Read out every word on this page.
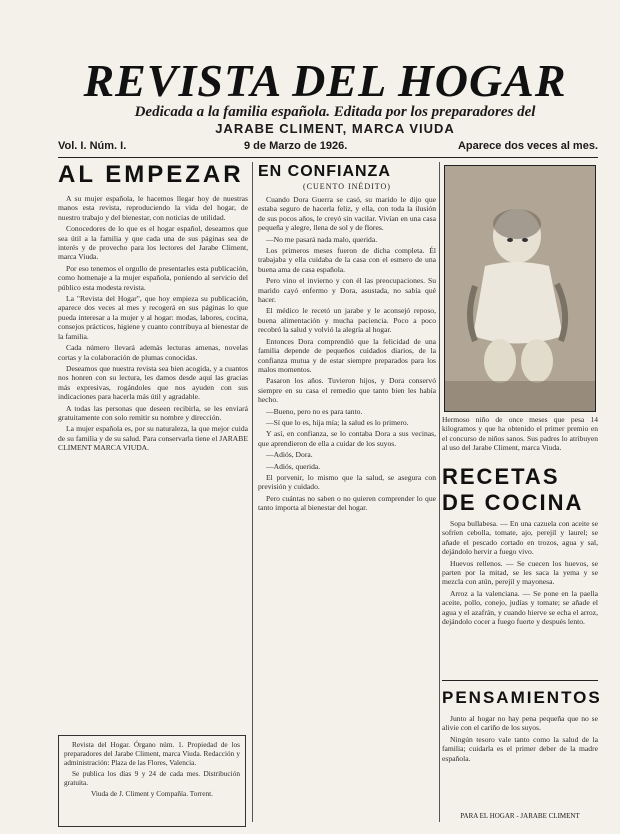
REVISTA DEL HOGAR
Dedicada a la familia española. Editada por los preparadores del
JARABE CLIMENT, MARCA VIUDA
Vol. I. Núm. I.	9 de Marzo de 1926.	Aparece dos veces al mes.
AL EMPEZAR

A su mujer española, le hacemos llegar hoy de nuestras manos esta revista, reproduciendo la vida del hogar, de nuestro trabajo y del bienestar, con noticias de utilidad.

Conocedores de lo que es el hogar español, deseamos que sea útil a la familia y que cada una de sus páginas sea de interés y de provecho para los lectores del Jarabe Climent, marca Viuda.

Por eso tenemos el orgullo de presentarles esta publicación, como homenaje a la mujer española, poniendo al servicio del público esta modesta revista.

La "Revista del Hogar", que hoy empieza su publicación, aparece dos veces al mes y recogerá en sus páginas lo que pueda interesar a la mujer y al hogar: modas, labores, cocina, consejos prácticos, higiene y cuanto contribuya al bienestar de la familia.

Cada número llevará además lecturas amenas, novelas cortas y la colaboración de plumas conocidas.

Deseamos que nuestra revista sea bien acogida, y a cuantos nos honren con su lectura, les damos desde aquí las gracias más expresivas, rogándoles que nos ayuden con sus indicaciones para hacerla más útil y agradable.

A todas las personas que deseen recibirla, se les enviará gratuitamente con solo remitir su nombre y dirección.

La mujer española es, por su naturaleza, la que mejor cuida de su familia y de su salud. Para conservarla tiene el JARABE CLIMENT MARCA VIUDA.

Revista del Hogar. Órgano núm. 1. Propiedad de los preparadores del Jarabe Climent, marca Viuda. Redacción y administración: Plaza de las Flores, Valencia.

Se publica los días 9 y 24 de cada mes. Distribución gratuita.

Viuda de J. Climent y Compañía. Torrent.

EN CONFIANZA
(CUENTO INÉDITO)

Cuando Dora Guerra se casó, su marido le dijo que estaba seguro de hacerla feliz, y ella, con toda la ilusión de sus pocos años, le creyó sin vacilar. Vivían en una casa pequeña y alegre, llena de sol y de flores.

—No me pasará nada malo, querida.

Los primeros meses fueron de dicha completa. Él trabajaba y ella cuidaba de la casa con el esmero de una buena ama de casa española.

Pero vino el invierno y con él las preocupaciones. Su marido cayó enfermo y Dora, asustada, no sabía qué hacer.

El médico le recetó un jarabe y le aconsejó reposo, buena alimentación y mucha paciencia. Poco a poco recobró la salud y volvió la alegría al hogar.

Entonces Dora comprendió que la felicidad de una familia depende de pequeños cuidados diarios, de la confianza mutua y de estar siempre preparados para los malos momentos.

Pasaron los años. Tuvieron hijos, y Dora conservó siempre en su casa el remedio que tanto bien les había hecho.

—Bueno, pero no es para tanto.

—Sí que lo es, hija mía; la salud es lo primero.

Y así, en confianza, se lo contaba Dora a sus vecinas, que aprendieron de ella a cuidar de los suyos.

—Adiós, Dora.

—Adiós, querida.

El porvenir, lo mismo que la salud, se asegura con previsión y cuidado.

Pero cuántas no saben o no quieren comprender lo que tanto importa al bienestar del hogar.

Hermoso niño de once meses que pesa 14 kilogramos y que ha obtenido el primer premio en el concurso de niños sanos. Sus padres lo atribuyen al uso del Jarabe Climent, marca Viuda.

RECETAS DE COCINA

Sopa bullabesa. — En una cazuela con aceite se sofríen cebolla, tomate, ajo, perejil y laurel; se añade el pescado cortado en trozos, agua y sal, dejándolo hervir a fuego vivo.

Huevos rellenos. — Se cuecen los huevos, se parten por la mitad, se les saca la yema y se mezcla con atún, perejil y mayonesa.

Arroz a la valenciana. — Se pone en la paella aceite, pollo, conejo, judías y tomate; se añade el agua y el azafrán, y cuando hierve se echa el arroz, dejándolo cocer a fuego fuerte y después lento.

PENSAMIENTOS

Junto al hogar no hay pena pequeña que no se alivie con el cariño de los suyos.

Ningún tesoro vale tanto como la salud de la familia; cuidarla es el primer deber de la madre española.

PARA EL HOGAR - JARABE CLIMENT
